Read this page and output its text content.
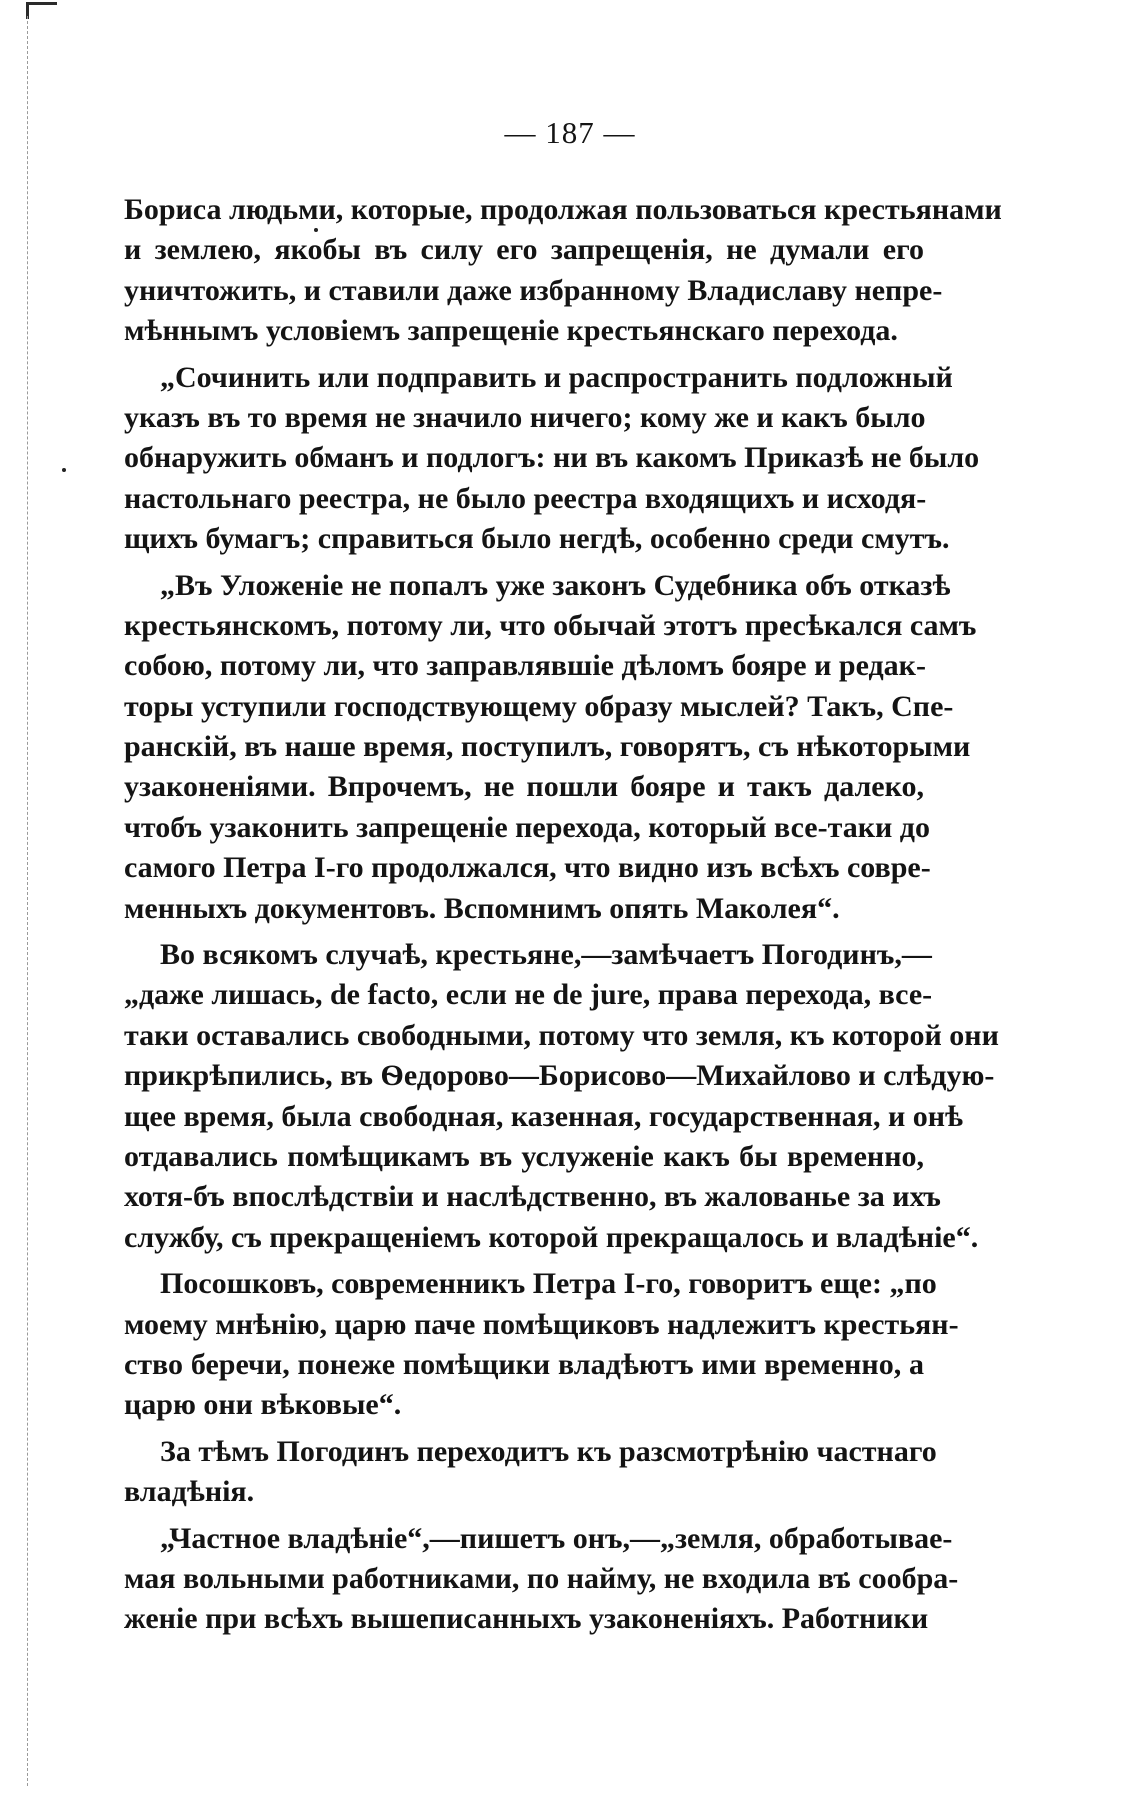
— 187 —
Бориса людьми, которые, продолжая пользоваться крестьянами
и землею, якобы въ силу его запрещенія, не думали его
уничтожить, и ставили даже избранному Владиславу непре-
мѣннымъ условіемъ запрещеніе крестьянскаго перехода.
„Сочинить или подправить и распространить подложный
указъ въ то время не значило ничего; кому же и какъ было
обнаружить обманъ и подлогъ: ни въ какомъ Приказѣ не было
настольнаго реестра, не было реестра входящихъ и исходя-
щихъ бумагъ; справиться было негдѣ, особенно среди смутъ.
„Въ Уложеніе не попалъ уже законъ Судебника объ отказѣ
крестьянскомъ, потому ли, что обычай этотъ пресѣкался самъ
собою, потому ли, что заправлявшіе дѣломъ бояре и редак-
торы уступили господствующему образу мыслей? Такъ, Спе-
ранскій, въ наше время, поступилъ, говорятъ, съ нѣкоторыми
узаконеніями. Впрочемъ, не пошли бояре и такъ далеко,
чтобъ узаконить запрещеніе перехода, который все-таки до
самого Петра I-го продолжался, что видно изъ всѣхъ совре-
менныхъ документовъ. Вспомнимъ опять Маколея“.
Во всякомъ случаѣ, крестьяне,—замѣчаетъ Погодинъ,—
„даже лишась, de facto, если не de jure, права перехода, все-
таки оставались свободными, потому что земля, къ которой они
прикрѣпились, въ Ѳедорово—Борисово—Михайлово и слѣдую-
щее время, была свободная, казенная, государственная, и онѣ
отдавались помѣщикамъ въ услуженіе какъ бы временно,
хотя-бъ впослѣдствіи и наслѣдственно, въ жалованье за ихъ
службу, съ прекращеніемъ которой прекращалось и владѣніе“.
Посошковъ, современникъ Петра I-го, говоритъ еще: „по
моему мнѣнію, царю паче помѣщиковъ надлежитъ крестьян-
ство беречи, понеже помѣщики владѣютъ ими временно, а
царю они вѣковые“.
За тѣмъ Погодинъ переходитъ къ разсмотрѣнію частнаго
владѣнія.
„Частное владѣніе“,—пишетъ онъ,—„земля, обработывае-
мая вольными работниками, по найму, не входила въ сообра-
женіе при всѣхъ вышеписанныхъ узаконеніяхъ. Работники
